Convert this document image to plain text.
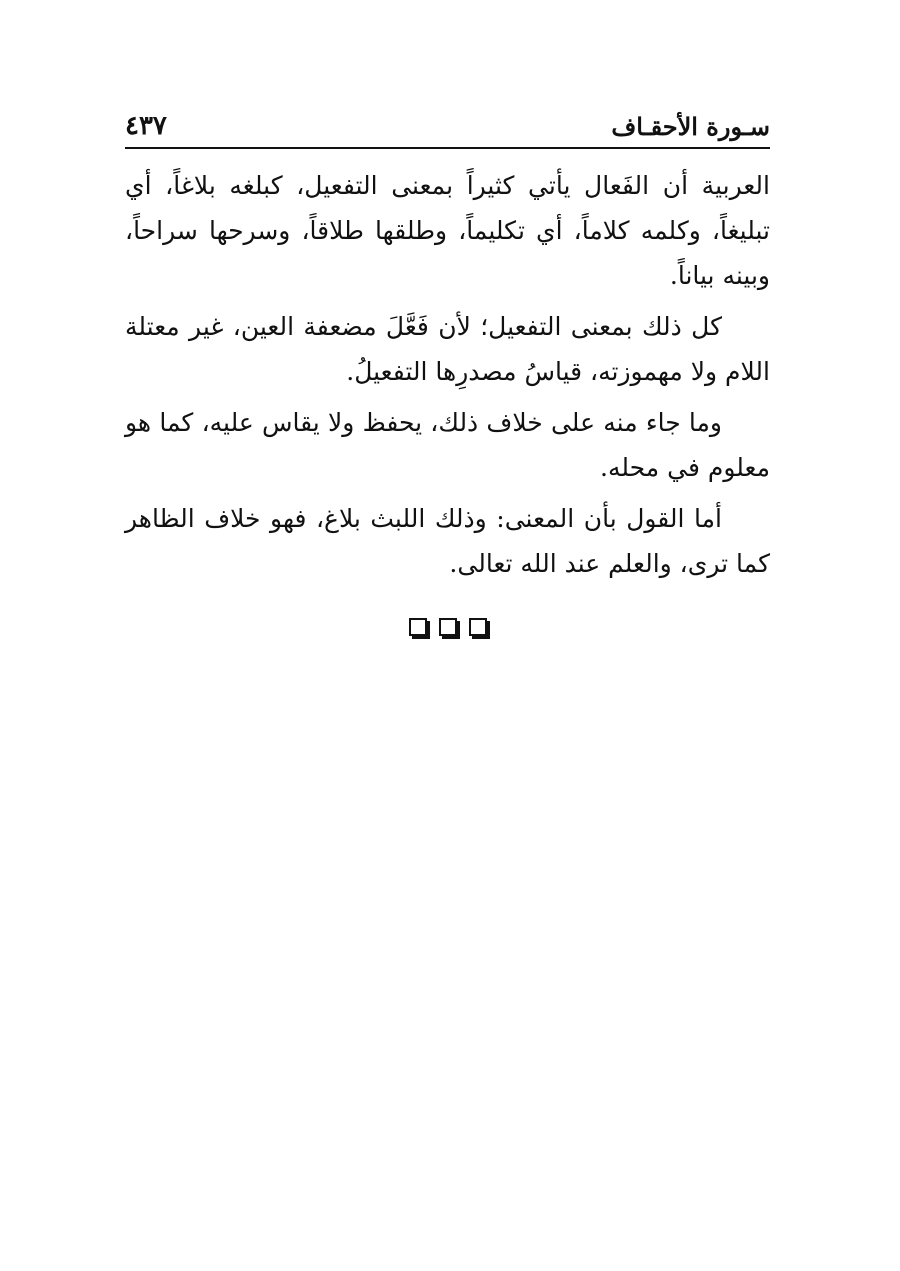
سـورة الأحقـاف
٤٣٧

العربية أن الفَعال يأتي كثيراً بمعنى التفعيل، كبلغه بلاغاً، أي تبليغاً، وكلمه كلاماً، أي تكليماً، وطلقها طلاقاً، وسرحها سراحاً، وبينه بياناً.

كل ذلك بمعنى التفعيل؛ لأن فَعَّلَ مضعفة العين، غير معتلة اللام ولا مهموزته، قياسُ مصدرِها التفعيلُ.

وما جاء منه على خلاف ذلك، يحفظ ولا يقاس عليه، كما هو معلوم في محله.

أما القول بأن المعنى: وذلك اللبث بلاغ، فهو خلاف الظاهر كما ترى، والعلم عند الله تعالى.
